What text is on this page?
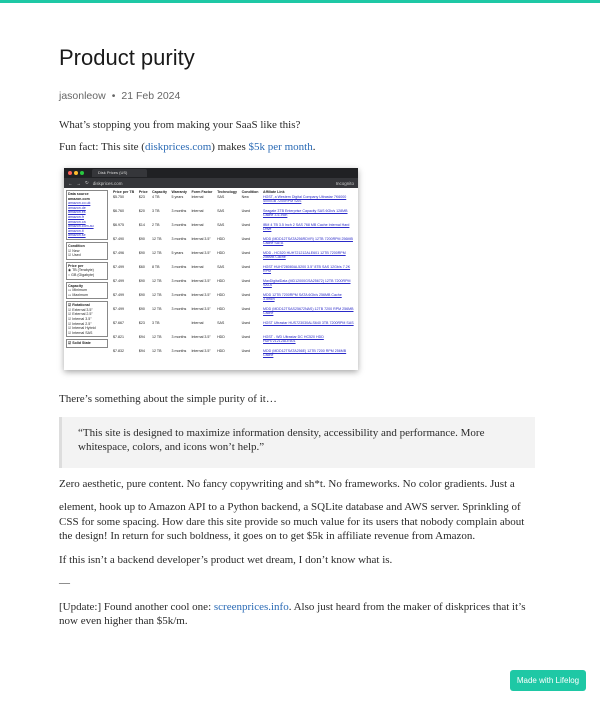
Product purity
jasonleow • 21 Feb 2024

What’s stopping you from making your SaaS like this?

Fun fact: This site (diskprices.com) makes $5k per month.

Disk Prices (US)
← → ↻ diskprices.com	Incognito
Data source
amazon.com
amazon.co.uk
amazon.de
amazon.es
amazon.fr
amazon.ca
amazon.com.au
amazon.it
amazon.se
Condition
☑ New
☑ Used
Price per
◉ TB (Terabyte)
○ GB (Gigabyte)
Capacity
▭ Minimum
▭ Maximum
☑ Rotational
☑ External 3.5"
☑ External 2.5"
☑ Internal 3.5"
☑ Internal 2.5"
☑ Internal Hybrid
☑ Internal SAS
☑ Solid State
Price per TB	Price	Capacity	Warranty	Form Factor	Technology	Condition	Affiliate Link
$5.750	$23	4 TB	5 years	Internal	SAS	New	HGST, a Western Digital Company Ultrastar 7K6000 4000GB 7200RPM SAS
$6.760	$20	3 TB	3 months	Internal	SAS	Used	Seagate 3TB Enterprise Capacity SAS 6Gb/s 128MB Cache 3.5-Inch
$6.975	$14	2 TB	3 months	Internal	SAS	Used	IBM 4 TB 3.5 Inch 2 SAS 768 MB Cache Internal Hard Drive
$7.490	$90	12 TB	3 months	Internal 3.5"	HDD	Used	MDD (MDD12TSATA256RDVR) 12TB 7200RPM 256MB Cache SATA
$7.496	$90	12 TB	5 years	Internal 3.5"	HDD	Used	MDD - HC520 HUH721212ALE601 12TB 7200RPM 256MB Cache
$7.499	$60	8 TB	3 months	Internal	SAS	Used	HGST HUH728080AL5200 3.5" 8TB SAS 12Gb/s 7.2K RPM
$7.499	$90	12 TB	3 months	Internal 3.5"	HDD	Used	MaxDigitalData (MD12000GSA25672) 12TB 7200RPM SATA
$7.499	$90	12 TB	3 months	Internal 3.5"	HDD	Used	MDD 12TB 7200RPM SATA 6Gb/s 256MB Cache 3.5inch
$7.499	$90	12 TB	3 months	Internal 3.5"	HDD	Used	MDD (MDD12TSAS25672NAS) 12TB 7200 RPM 256MB Cache
$7.667	$23	3 TB		Internal	SAS	Used	HGST Ultrastar HUS723030ALS640 3TB 7200RPM SAS
$7.821	$94	12 TB	3 months	Internal 3.5"	HDD	Used	HGST - WD Ultrastar DC HC520 HDD HUH721212ALE601
$7.832	$94	12 TB	3 months	Internal 3.5"	HDD	Used	MDD (MDD12TSATA256E) 12TB 7200 RPM 256MB Cache

There’s something about the simple purity of it…

“This site is designed to maximize information density, accessibility and performance. More whitespace, colors, and icons won’t help.”

Zero aesthetic, pure content. No fancy copywriting and sh*t. No frameworks. No color gradients. Just a

element, hook up to Amazon API to a Python backend, a SQLite database and AWS server. Sprinkling of CSS for some spacing. How dare this site provide so much value for its users that nobody complain about the design! In return for such boldness, it goes on to get $5k in affiliate revenue from Amazon.

If this isn’t a backend developer’s product wet dream, I don’t know what is.

—

[Update:] Found another cool one: screenprices.info. Also just heard from the maker of diskprices that it’s now even higher than $5k/m.

Made with Lifelog
